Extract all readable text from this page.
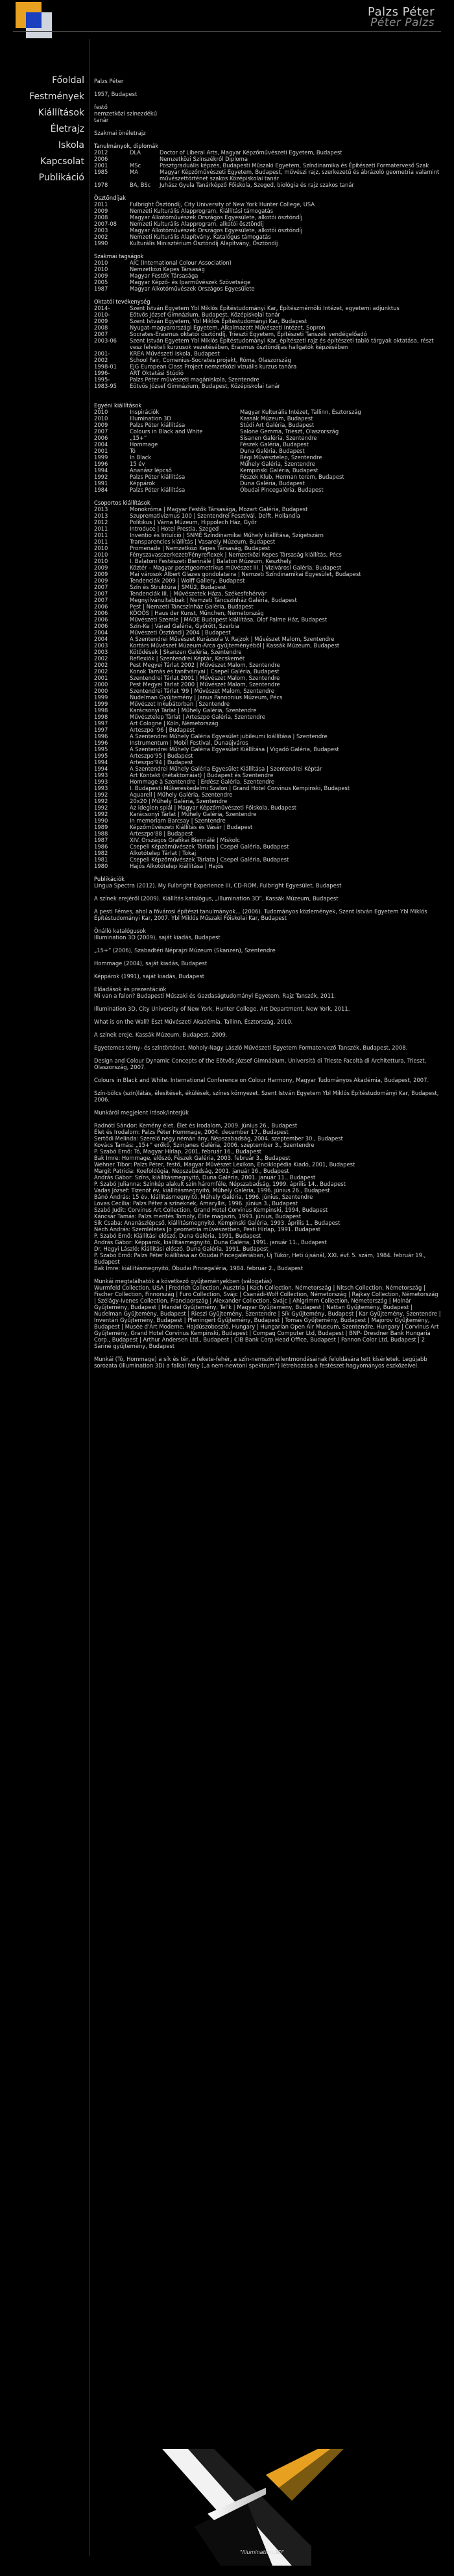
Palzs Péter
Péter Palzs
Főoldal
Festmények
Kiállítások
Életrajz
Iskola
Kapcsolat
Publikáció

Palzs Péter

1957, Budapest

festő

nemzetközi színezdékű

tanár

Szakmai önéletrajz

Tanulmányok, diplomák

2012	DLA	Doctor of Liberal Arts, Magyar Képzőművészeti Egyetem, Budapest
2006	Nemzetközi Színszékről Diploma
2001	MSc	Posztgraduális képzés, Budapesti Műszaki Egyetem, Színdinamika és Építészeti Formaterveső Szak
1985	MA	Magyar Képzőművészeti Egyetem, Budapest, művészi rajz, szerkezetű és ábrázoló geometria valamint művészettörténet szakos Középiskolai tanár
1978	BA, BSc	Juhász Gyula Tanárképző Főiskola, Szeged, biológia és rajz szakos tanár

Ösztöndíjak

2011	Fulbright Ösztöndíj, City University of New York Hunter College, USA
2009	Nemzeti Kulturális Alapprogram, Kiállítási támogatás
2008	Magyar Alkotóművészek Országos Egyesülete, alkotói ösztöndíj
2007-08	Nemzeti Kulturális Alapprogram, alkotói ösztöndíj
2003	Magyar Alkotóművészek Országos Egyesülete, alkotói ösztöndíj
2002	Nemzeti Kulturális Alapítvány, Katalógus támogatás
1990	Kulturális Minisztérium Ösztöndíj Alapítvány, Ösztöndíj

Szakmai tagságok

2010	AIC (International Colour Association)
2010	Nemzetközi Kepes Társaság
2009	Magyar Festők Társasága
2005	Magyar Képző- és Iparművészek Szövetsége
1987	Magyar Alkotóművészek Országos Egyesülete

Oktatói tevékenység

2014-	Szent István Egyetem Ybl Miklós Építéstudományi Kar, Építészmérnöki Intézet, egyetemi adjunktus
2010-	Eötvös József Gimnázium, Budapest, Középiskolai tanár
2009	Szent István Egyetem, Ybl Miklós Építéstudományi Kar, Budapest
2008	Nyugat-magyarországi Egyetem, Alkalmazott Művészeti Intézet, Sopron
2007	Socrates-Erasmus oktatói ösztöndíj, Trieszti Egyetem, Építészeti Tanszék vendégelőadó
2003-06	Szent István Egyetem Ybl Miklós Építéstudományi Kar, építészeti rajz és építészeti tabló tárgyak oktatása, részt vesz felvételi kurzusok vezetésében, Erasmus ösztöndíjas hallgatók képzésében
2001-	KREA Művészeti Iskola, Budapest
2002	School Fair, Comenius-Socrates projekt, Róma, Olaszország
1998-01	EJG European Class Project nemzetközi vizuális kurzus tanára
1996-	ART Oktatási Stúdió
1995-	Palzs Péter művészeti magániskola, Szentendre
1983-95	Eötvös József Gimnázium, Budapest, Középiskolai tanár

Egyéni kiállítások

2010	Inspirációk	Magyar Kulturális Intézet, Tallinn, Észtország
2010	Illumination 3D	Kassák Múzeum, Budapest
2009	Palzs Péter kiállítása	Stúdi Art Galéria, Budapest
2007	Colours in Black and White	Salone Gemma, Trieszt, Olaszország
2006	„15+”	Sisanen Galéria, Szentendre
2004	Hommage	Fészek Galéria, Budapest
2001	Tó	Duna Galéria, Budapest
1999	In Black	Régi Művésztelep, Szentendre
1996	15 év	Műhely Galéria, Szentendre
1994	Ananász lépcső	Kempinski Galéria, Budapest
1992	Palzs Péter kiállítása	Fészek Klub, Herman terem, Budapest
1991	Képpárok	Duna Galéria, Budapest
1984	Palzs Péter kiállítása	Óbudai Pincegaléria, Budapest

Csoportos kiállítások

2013	Monokróma | Magyar Festők Társasága, Mozart Galéria, Budapest
2013	Szupremativizmus 100 | Szentendrei Fesztivál, Delft, Hollandia
2012	Politikus | Várna Múzeum, Hippolech Ház, Győr
2011	Introduce | Hotel Prestia, Szeged
2011	Inventio és Intuíció | SNMÉ Színdinamikai Műhely kiállítása, Szigetszárn
2011	Transparencies kiállítás | Vasarely Múzeum, Budapest
2010	Promenade | Nemzetközi Kepes Társaság, Budapest
2010	Fényszavasszerkezet/Fényreflexek | Nemzetközi Kepes Társaság kiállítás, Pécs
2010	I. Balatoni Festészeti Biennálé | Balaton Múzeum, Keszthely
2009	Köztér – Magyar posztgeometrikus művészet III. | Vizivárosi Galéria, Budapest
2009	Mai városok Albert Glazes gondolataira | Nemzeti Színdinamikai Egyesület, Budapest
2009	Tendenciák 2009 | Wolff Gallery, Budapest
2007	Szín és Struktúra | SMÜ2, Budapest
2007	Tendenciák III. | Művészetek Háza, Székesfehérvár
2007	Megnyilvánultabbak | Nemzeti Táncszínház Galéria, Budapest
2006	Pest | Nemzeti Táncszínház Galéria, Budapest
2006	KÖOÖS | Haus der Kunst, München, Németország
2006	Művészeti Szemle | MAOE Budapest kiállítása, Olof Palme Ház, Budapest
2006	Szín-Ke | Várad Galéria, Győrött, Szerbia
2004	Művészeti Ösztöndíj 2004 | Budapest
2004	A Szentendrei Művészet Kurázsola V. Rajzok | Művészet Malom, Szentendre
2003	Kortárs Művészet Múzeum-Arca gyűjteményéből | Kassák Múzeum, Budapest
2003	Kötődések | Skanzen Galéria, Szentendre
2002	Reflexiók | Szentendrei Képtár, Kecskemét
2002	Pest Megyei Tárlat 2002 | Művészet Malom, Szentendre
2002	Konok Tamás és tanítványai | Csepel Galéria, Budapest
2001	Szentendrei Tárlat 2001 | Művészet Malom, Szentendre
2000	Pest Megyei Tárlat 2000 | Művészet Malom, Szentendre
2000	Szentendrei Tárlat '99 | Művészet Malom, Szentendre
1999	Nudelman Gyűjtemény | Janus Pannonius Múzeum, Pécs
1999	Művészet Inkubátorban | Szentendre
1998	Karácsonyi Tárlat | Műhely Galéria, Szentendre
1998	Művésztelep Tárlat | Arteszpo Galéria, Szentendre
1997	Art Cologne | Köln, Németország
1997	Arteszpo '96 | Budapest
1996	A Szentendrei Műhely Galéria Egyesület jubileumi kiállítása | Szentendre
1996	Instrumentum | Mobil Festival, Dunaújváros
1995	A Szentendrei Műhely Galéria Egyesület Kiállítása | Vigadó Galéria, Budapest
1995	Arteszpo'95 | Budapest
1994	Arteszpo'94 | Budapest
1994	A Szentendrei Műhely Galéria Egyesület Kiállítása | Szentendrei Képtár
1993	Art Kontakt (nétaktorráiat) | Budapest és Szentendre
1993	Hommage à Szentendre | Erdész Galéria, Szentendre
1993	I. Budapesti Műkereskedelmi Szalon | Grand Hotel Corvinus Kempinski, Budapest
1992	Aquarell | Műhely Galéria, Szentendre
1992	20x20 | Műhely Galéria, Szentendre
1992	Az ideglen spiál | Magyar Képzőművészeti Főiskola, Budapest
1992	Karácsonyi Tárlat | Műhely Galéria, Szentendre
1990	In memoriam Barcsay | Szentendre
1989	Képzőművészeti Kiállítás és Vásár | Budapest
1988	Arteszpo'88 | Budapest
1987	XIV. Országos Grafikai Biennálé | Miskolc
1986	Csepeli Képzőművészek Tárlata | Csepel Galéria, Budapest
1982	Alkotótelep Tárlat | Tokaj
1981	Csepeli Képzőművészek Tárlata | Csepel Galéria, Budapest
1980	Hajós Alkotótelep kiállítása | Hajós

Publikációk

Lingua Spectra (2012). My Fulbright Experience III, CD-ROM, Fulbright Egyesület, Budapest

A színek erejéről (2009). Kiállítás katalógus, „Illumination 3D”, Kassák Múzeum, Budapest

A pesti Fémes, ahol a fővárosi építészi tanulmányok... (2006). Tudományos közlemények, Szent István Egyetem Ybl Miklós Építéstudományi Kar, 2007. Ybl Miklós Műszaki Főiskolai Kar, Budapest

Önálló katalógusok
Illumination 3D (2009), saját kiadás, Budapest

„15+” (2006), Szabadtéri Néprajzi Múzeum (Skanzen), Szentendre

Hommage (2004), saját kiadás, Budapest

Képpárok (1991), saját kiadás, Budapest

Előadások és prezentációk
Mi van a falon? Budapesti Műszaki és Gazdaságtudományi Egyetem, Rajz Tanszék, 2011.

Illumination 3D, City University of New York, Hunter College, Art Department, New York, 2011.

What is on the Wall? Észt Művészeti Akadémia, Tallinn, Észtország, 2010.

A színek ereje. Kassák Múzeum, Budapest, 2009.

Egyetemes térny- és színtörténet, Moholy-Nagy László Művészeti Egyetem Formatervező Tanszék, Budapest, 2008.

Design and Colour Dynamic Concepts of the Eötvös József Gimnázium, Università di Trieste Facoltà di Architettura, Trieszt, Olaszország, 2007.

Colours in Black and White. International Conference on Colour Harmony, Magyar Tudományos Akadémia, Budapest, 2007.

Szín-bölcs (szín)látás, élesítések, ékülések, színes környezet. Szent István Egyetem Ybl Miklós Építéstudományi Kar, Budapest, 2006.

Munkáról megjelent írások/interjúk

Radnóti Sándor: Kemény élet. Élet és Irodalom, 2009. június 26., Budapest
Élet és Irodalom: Palzs Péter Hommage, 2004. december 17., Budapest
Sertődi Melinda: Szerelő négy némán ány, Népszabadság, 2004. szeptember 30., Budapest
Kovács Tamás: „15+” erőkő, Szinjanes Galéria, 2006. szeptember 3., Szentendre
P. Szabó Ernő: Tó, Magyar Hírlap, 2001. február 16., Budapest
Bak Imre: Hommage, előszó, Fészek Galéria, 2003. február 3., Budapest
Wehner Tibor: Palzs Péter, festő, Magyar Művészet Lexikon, Enciklopédia Kiadó, 2001, Budapest
Margit Patricia: Koefoldógia, Népszabadság, 2001. január 16., Budapest
András Gábor: Színs, kiállításmegnyitó, Duna Galéria, 2001. január 11., Budapest
P. Szabó Julianna: Színkép alakult szín háromféle, Népszabadság, 1999. április 14., Budapest
Vadas József: Tizenöt év, kiállításmegnyitó, Műhely Galéria, 1996. június 26., Budapest
Bánó András: 15 év, kiállításmegnyitó, Műhely Galéria, 1996. június, Szentendre
Lovas Cecília: Palzs Péter a színeknek, Amaryllis, 1996. június 3., Budapest
Szabó Judit: Corvinus Art Collection, Grand Hotel Corvinus Kempinski, 1994, Budapest
Káncsár Tamás: Palzs mentés Tomoly, Élite magazin, 1993. június, Budapest
Sík Csaba: Ananászlépcső, kiállításmegnyitó, Kempinski Galéria, 1993. április 1., Budapest
Néch András: Szemléletes Jo geometria művészetben, Pesti Hírlap, 1991. Budapest
P. Szabó Ernő: Kiállítási előszó, Duna Galéria, 1991, Budapest
András Gábor: Képpárok, kiállításmegnyitó, Duna Galéria, 1991. január 11., Budapest
Dr. Hegyi László: Kiállítási előszó, Duna Galéria, 1991. Budapest
P. Szabó Ernő: Palzs Péter kiállítása az Óbudai Pincegalériában, Új Tükör, Heti újsánál, XXI. évf. 5. szám, 1984. február 19., Budapest
Bak Imre: kiállításmegnyitó, Óbudai Pincegaléria, 1984. február 2., Budapest

Munkái megtalálhatók a következő gyűjteményekben (válogatás)
Wurmfeld Collection, USA | Fredrich Collection, Ausztria | Koch Collection, Németország | Nitsch Collection, Németország | Fischer Collection, Finnország | Furo Collection, Svájc | Csanádi-Wolf Collection, Németország | Rajkay Collection, Németország | Szélágy-Ivenes Collection, Franciaország | Alexander Collection, Svájc | Ahlgrimm Collection, Németország | Molnár Gyűjtemény, Budapest | Mandel Gyűjtemény, Tel'k | Magyar Gyűjtemény, Budapest | Nattan Gyűjtemény, Budapest | Nudelman Gyűjtemény, Budapest | Rieszi Gyűjtemény, Szentendre | Sík Gyűjtemény, Budapest | Kar Gyűjtemény, Szentendre | Inventári Gyűjtemény, Budapest | Pfeningert Gyűjtemény, Budapest | Tomas Gyűjtemény, Budapest | Majorov Gyűjtemény, Budapest | Musée d'Art Moderne, Hajdúszoboszló, Hungary | Hungarian Open Air Museum, Szentendre, Hungary | Corvinus Art Gyűjtemény, Grand Hotel Corvinus Kempinski, Budapest | Compaq Computer Ltd, Budapest | BNP- Dresdner Bank Hungaria Corp., Budapest | Arthur Andersen Ltd., Budapest | CIB Bank Corp.Head Office, Budapest | Fannon Color Ltd, Budapest | 2 Sáriné gyűjtemény, Budapest

Munkái (Tó, Hommage) a sík és tér, a fekete-fehér, a szín-nemszín ellentmondásainak feloldására tett kísérletek. Legújabb sorozata (Illumination 3D) a falkai fény („a nem-newtoni spektrum”) létrehozása a festészet hagyományos eszközeivel.

"Illumination 3D"
